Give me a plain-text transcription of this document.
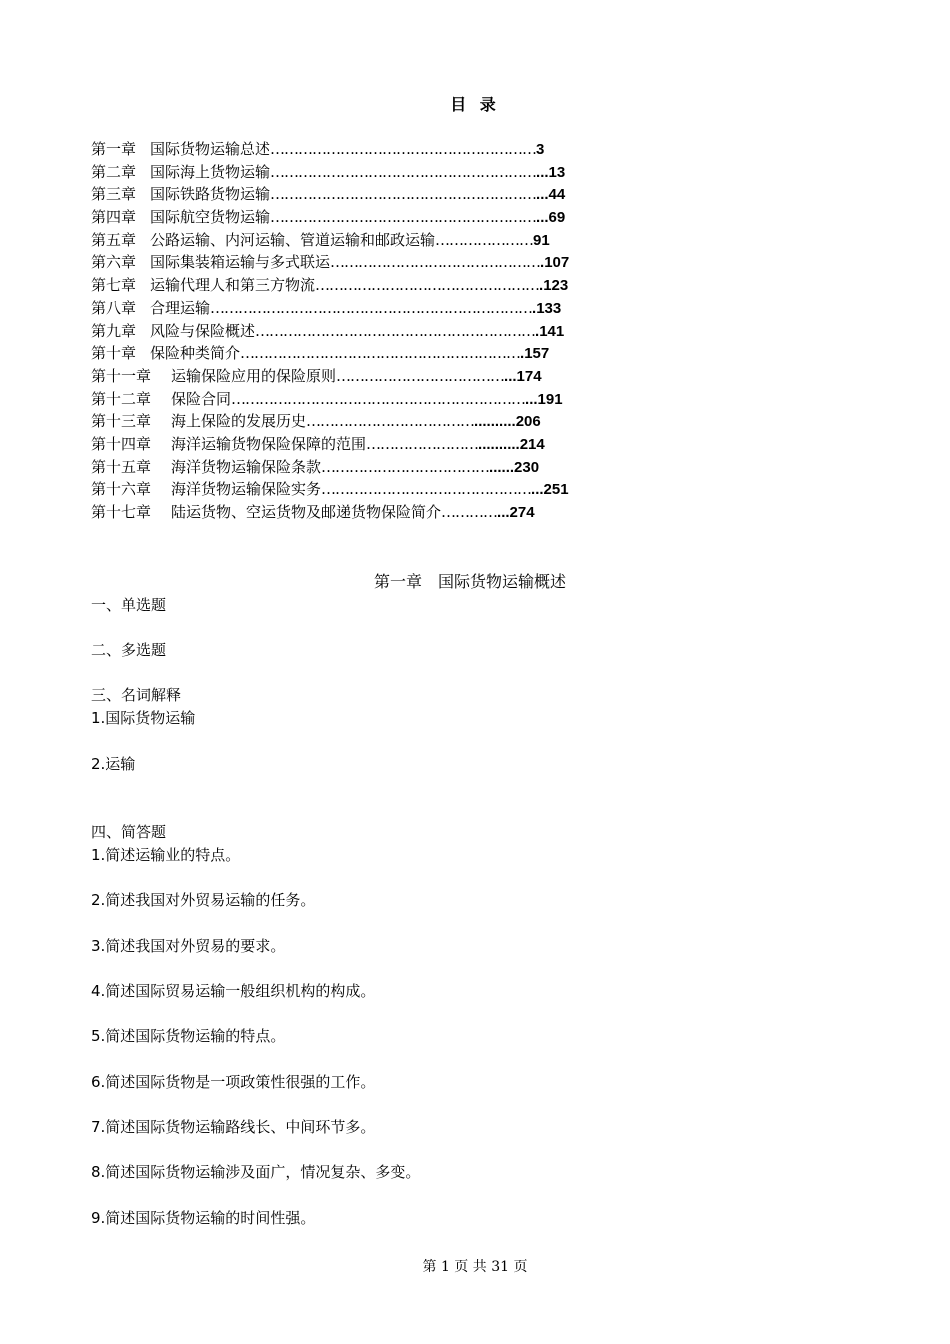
目 录
第一章 国际货物运输总述…………………………………………………3
第二章 国际海上货物运输…………………………………………………...13
第三章 国际铁路货物运输…………………………………………………...44
第四章 国际航空货物运输…………………………………………………...69
第五章 公路运输、内河运输、管道运输和邮政运输…………………91
第六章 国际集装箱运输与多式联运……………………………………….107
第七章 运输代理人和第三方物流………………………………………….123
第八章 合理运输…………………………………………………………….133
第九章 风险与保险概述…………………………………………………….141
第十章 保险种类简介…………………………………………………….157
第十一章 运输保险应用的保险原则………………………………...174
第十二章 保险合同………………………………………………………...191
第十三章 海上保险的发展历史………………………………..........206
第十四章 海洋运输货物保险保障的范围……………………..........214
第十五章 海洋货物运输保险条款………………………………......230
第十六章 海洋货物运输保险实务………………………………………...251
第十七章 陆运货物、空运货物及邮递货物保险简介…………...274
第一章　国际货物运输概述
一、单选题
二、多选题
三、名词解释
1.国际货物运输
2.运输
四、简答题
1.简述运输业的特点。
2.简述我国对外贸易运输的任务。
3.简述我国对外贸易的要求。
4.简述国际贸易运输一般组织机构的构成。
5.简述国际货物运输的特点。
6.简述国际货物是一项政策性很强的工作。
7.简述国际货物运输路线长、中间环节多。
8.简述国际货物运输涉及面广，情况复杂、多变。
9.简述国际货物运输的时间性强。
第 1 页 共 31 页
